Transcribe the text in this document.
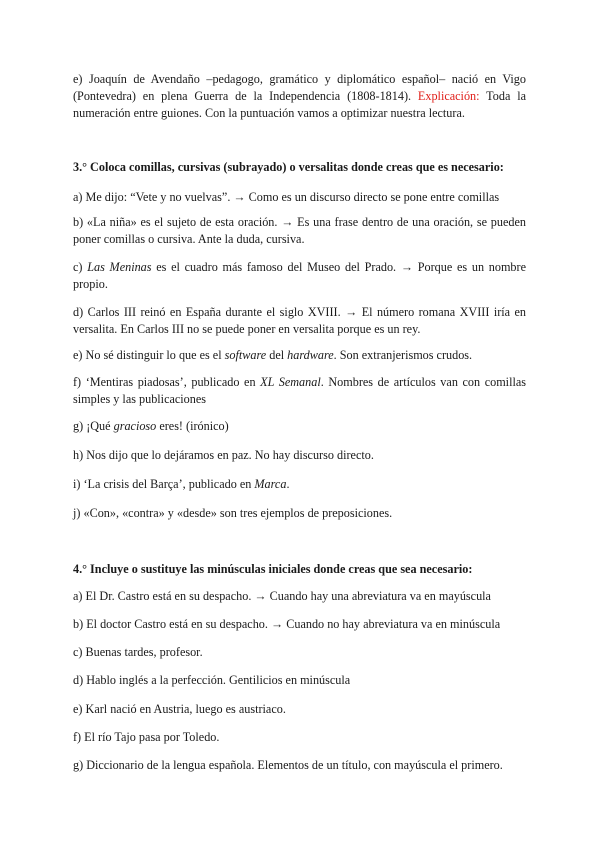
e) Joaquín de Avendaño –pedagogo, gramático y diplomático español– nació en Vigo (Pontevedra) en plena Guerra de la Independencia (1808-1814). Explicación: Toda la numeración entre guiones. Con la puntuación vamos a optimizar nuestra lectura.

3.° Coloca comillas, cursivas (subrayado) o versalitas donde creas que es necesario:

a) Me dijo: “Vete y no vuelvas”. → Como es un discurso directo se pone entre comillas

b) «La niña» es el sujeto de esta oración. → Es una frase dentro de una oración, se pueden poner comillas o cursiva. Ante la duda, cursiva.

c) Las Meninas es el cuadro más famoso del Museo del Prado. → Porque es un nombre propio.

d) Carlos III reinó en España durante el siglo XVIII. → El número romana XVIII iría en versalita. En Carlos III no se puede poner en versalita porque es un rey.

e) No sé distinguir lo que es el software del hardware. Son extranjerismos crudos.

f) ‘Mentiras piadosas’, publicado en XL Semanal. Nombres de artículos van con comillas simples y las publicaciones

g) ¡Qué gracioso eres! (irónico)

h) Nos dijo que lo dejáramos en paz. No hay discurso directo.

i) ‘La crisis del Barça’, publicado en Marca.

j) «Con», «contra» y «desde» son tres ejemplos de preposiciones.

4.° Incluye o sustituye las minúsculas iniciales donde creas que sea necesario:

a) El Dr. Castro está en su despacho. → Cuando hay una abreviatura va en mayúscula

b) El doctor Castro está en su despacho. → Cuando no hay abreviatura va en minúscula

c) Buenas tardes, profesor.

d) Hablo inglés a la perfección. Gentilicios en minúscula

e) Karl nació en Austria, luego es austriaco.

f) El río Tajo pasa por Toledo.

g) Diccionario de la lengua española. Elementos de un título, con mayúscula el primero.
